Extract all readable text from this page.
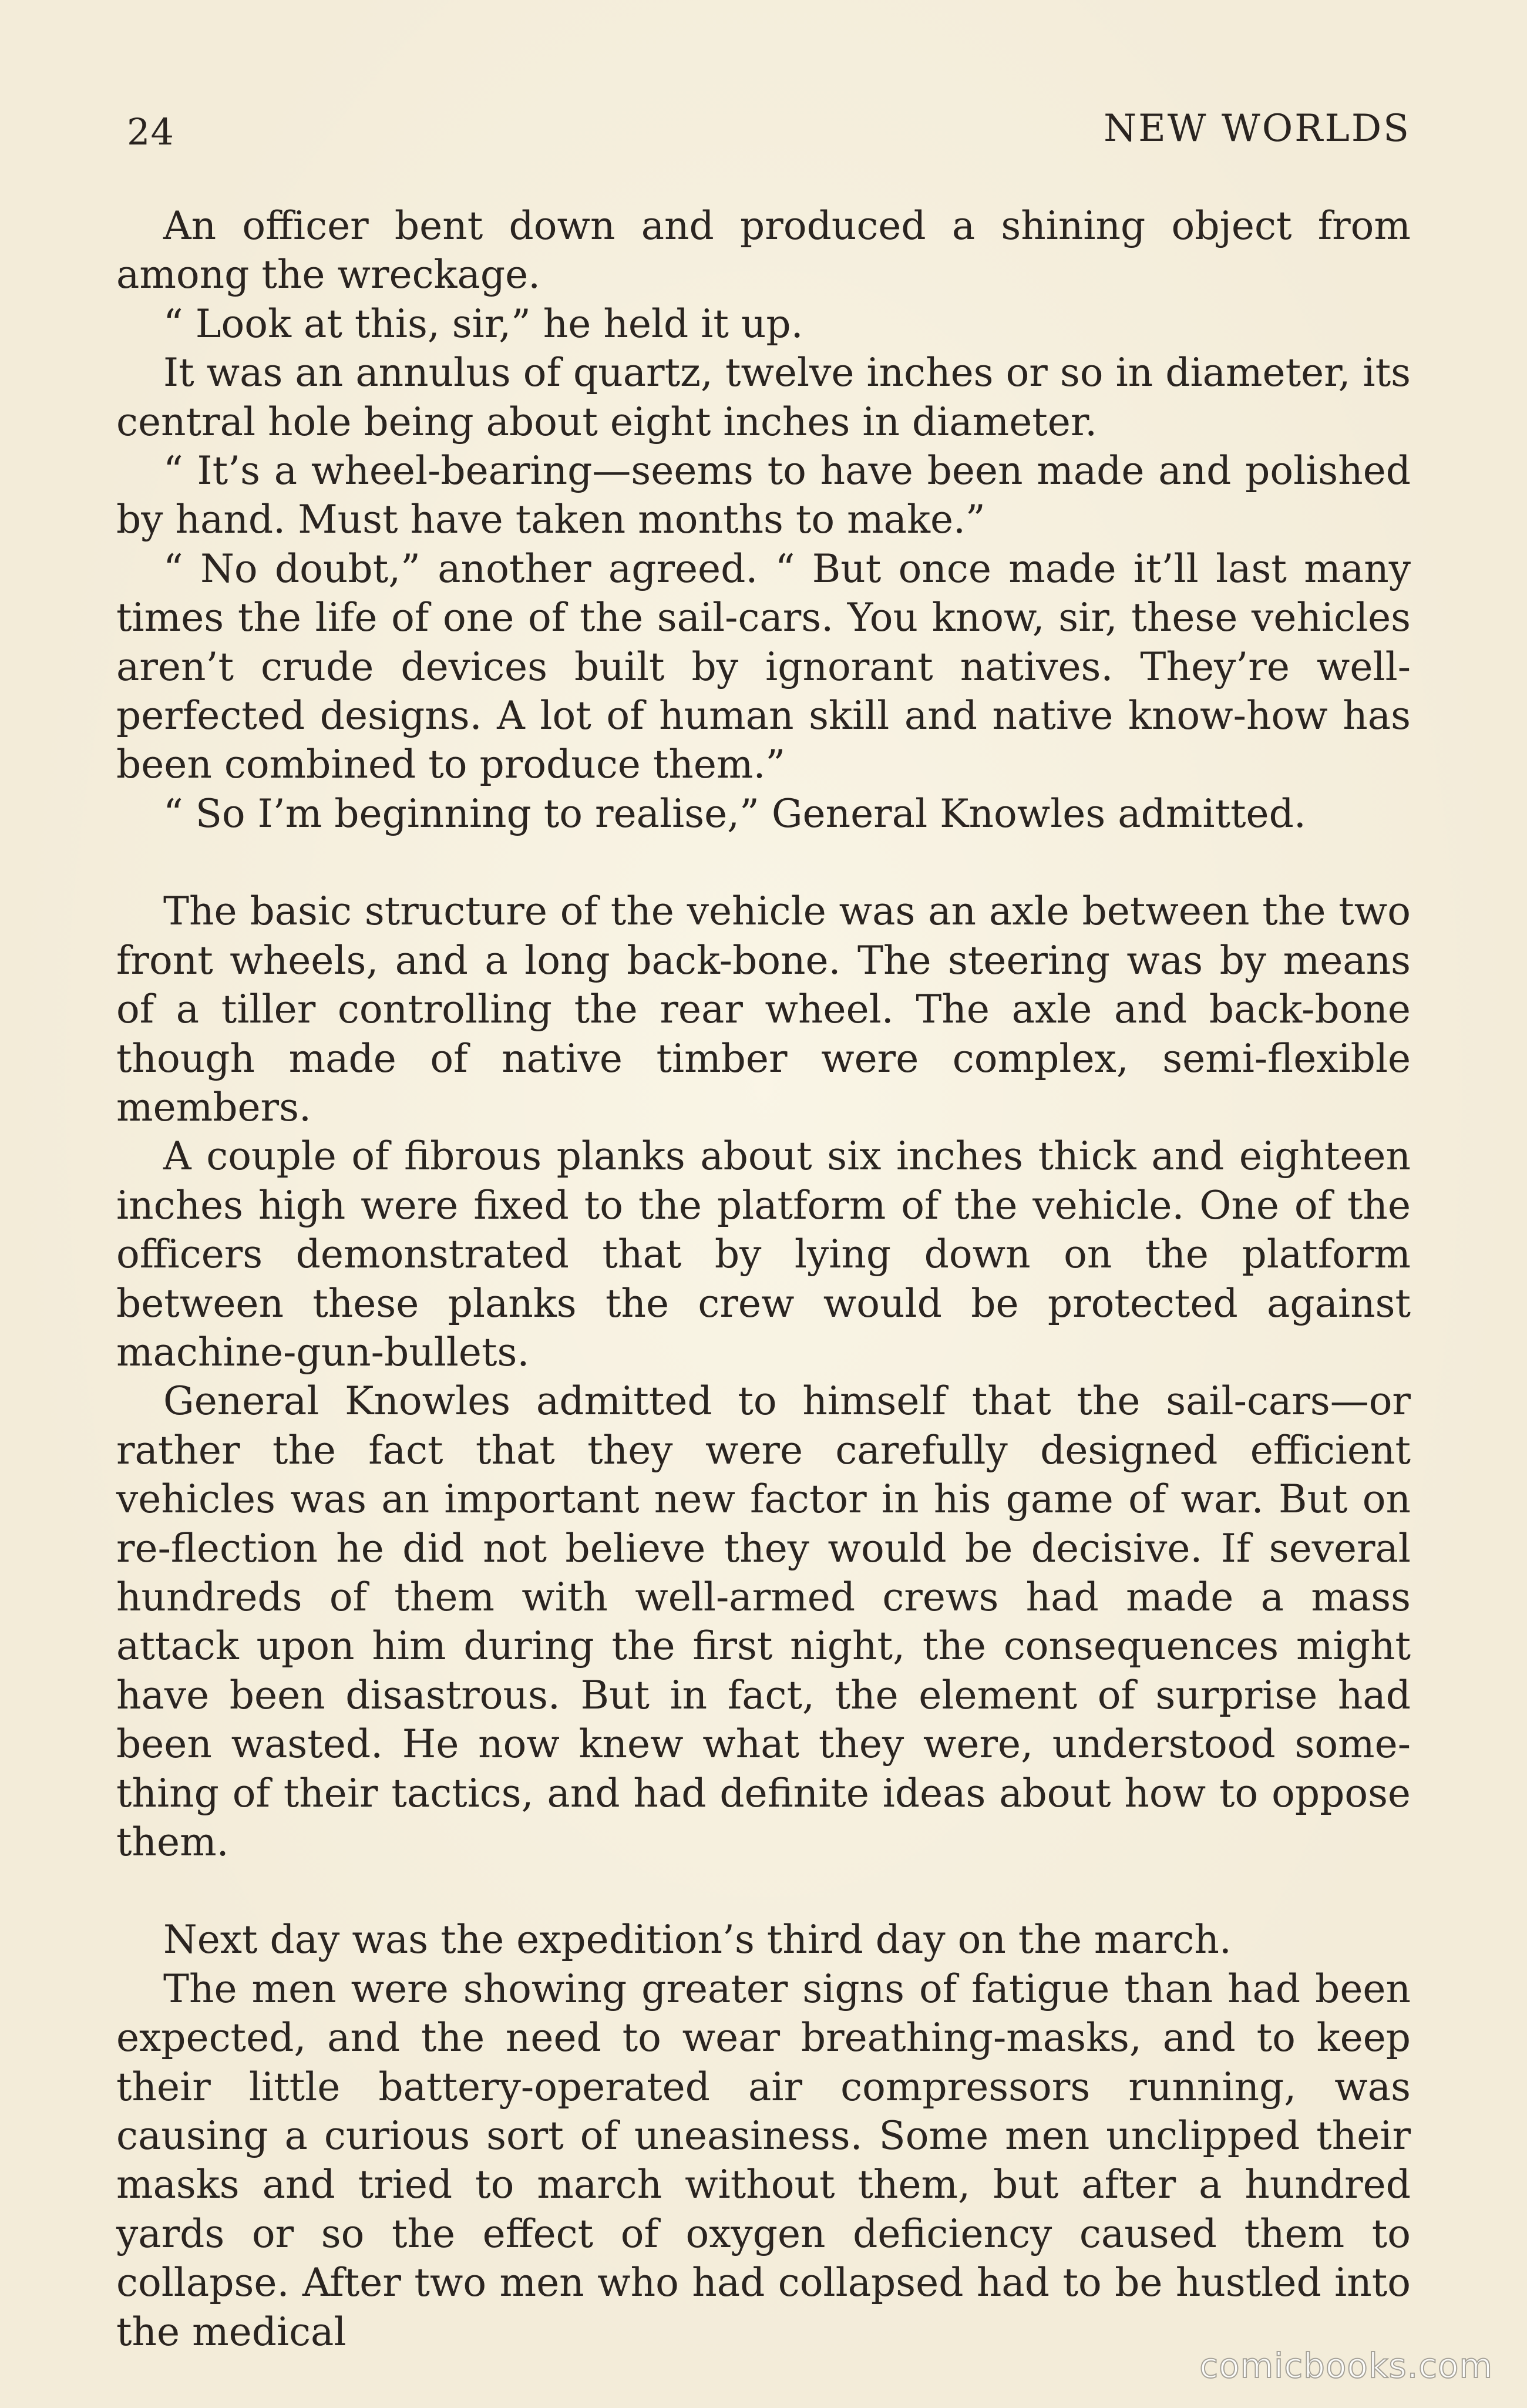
24	NEW WORLDS

An officer bent down and produced a shining object from among the wreckage.

“ Look at this, sir,” he held it up.

It was an annulus of quartz, twelve inches or so in diameter, its central hole being about eight inches in diameter.

“ It’s a wheel-bearing—seems to have been made and polished by hand. Must have taken months to make.”

“ No doubt,” another agreed. “ But once made it’ll last many times the life of one of the sail-cars. You know, sir, these vehicles aren’t crude devices built by ignorant natives. They’re well-perfected designs. A lot of human skill and native know-how has been combined to produce them.”

“ So I’m beginning to realise,” General Knowles admitted.

The basic structure of the vehicle was an axle between the two front wheels, and a long back-bone. The steering was by means of a tiller controlling the rear wheel. The axle and back-bone though made of native timber were complex, semi-flexible members.

A couple of fibrous planks about six inches thick and eighteen inches high were fixed to the platform of the vehicle. One of the officers demonstrated that by lying down on the platform between these planks the crew would be protected against machine-gun-bullets.

General Knowles admitted to himself that the sail-cars—or rather the fact that they were carefully designed efficient vehicles was an important new factor in his game of war. But on re-flection he did not believe they would be decisive. If several hundreds of them with well-armed crews had made a mass attack upon him during the first night, the consequences might have been disastrous. But in fact, the element of surprise had been wasted. He now knew what they were, understood some-thing of their tactics, and had definite ideas about how to oppose them.

Next day was the expedition’s third day on the march.

The men were showing greater signs of fatigue than had been expected, and the need to wear breathing-masks, and to keep their little battery-operated air compressors running, was causing a curious sort of uneasiness. Some men unclipped their masks and tried to march without them, but after a hundred yards or so the effect of oxygen deficiency caused them to collapse. After two men who had collapsed had to be hustled into the medical

comicbooks.com
